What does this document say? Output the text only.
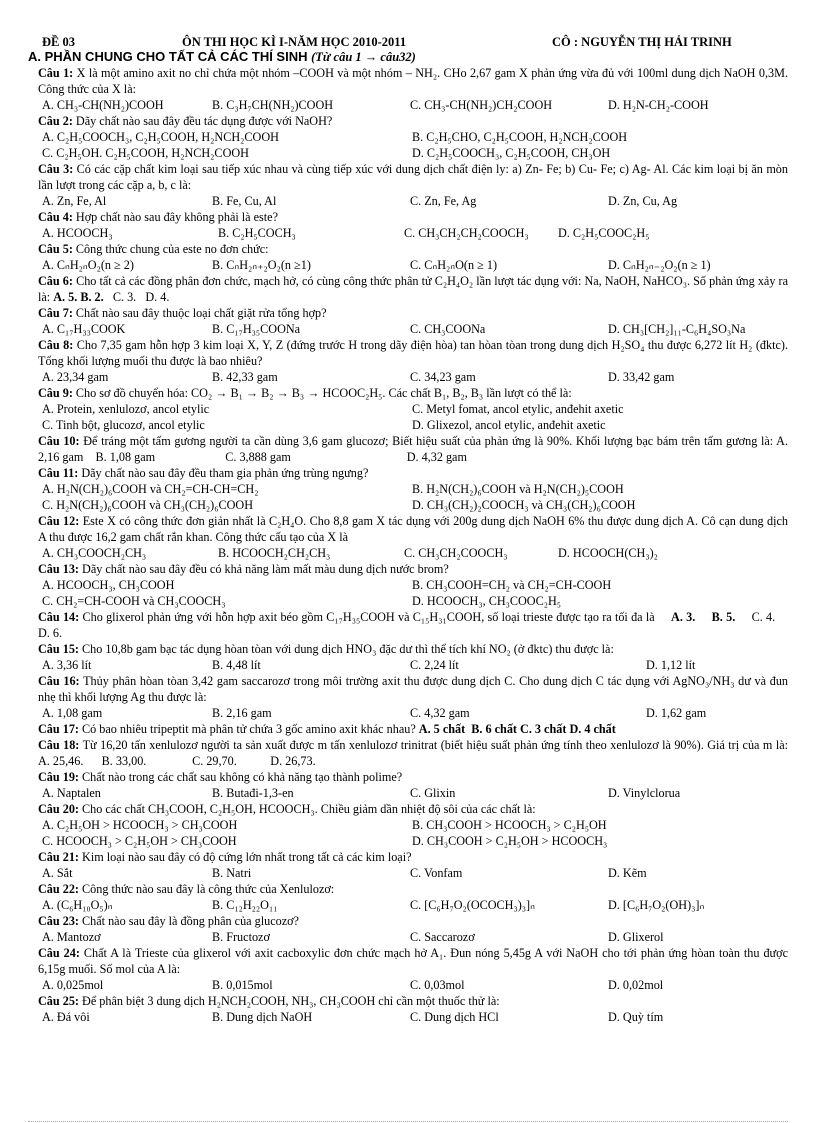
ĐỀ 03	ÔN THI HỌC KÌ I-NĂM HỌC 2010-2011	CÔ : NGUYỄN THỊ HẢI TRINH
A. PHẦN CHUNG CHO TẤT CẢ CÁC THÍ SINH (Từ câu 1 → câu32)
Câu 1: X là một amino axit no chỉ chứa một nhóm –COOH và một nhóm – NH₂. CHo 2,67 gam X phản ứng vừa đủ với 100ml dung dịch NaOH 0,3M. Công thức của X là:
A. CH₃-CH(NH₂)COOH	B. C₃H₇CH(NH₂)COOH	C. CH₃-CH(NH₂)CH₂COOH	D. H₂N-CH₂-COOH
Câu 2: Dãy chất nào sau đây đều tác dụng được với NaOH?
A. C₂H₅COOCH₃, C₂H₅COOH, H₂NCH₂COOH	B. C₂H₅CHO, C₂H₅COOH, H₂NCH₂COOH
C. C₂H₅OH. C₂H₅COOH, H₂NCH₂COOH	D. C₂H₅COOCH₃, C₂H₅COOH, CH₃OH
Câu 3: Có các cặp chất kim loại sau tiếp xúc nhau và cùng tiếp xúc với dung dịch chất điện ly: a) Zn- Fe; b) Cu- Fe; c) Ag- Al. Các kim loại bị ăn mòn lần lượt trong các cặp a, b, c là:
A. Zn, Fe, Al	B. Fe, Cu, Al	C. Zn, Fe, Ag	D. Zn, Cu, Ag
Câu 4: Hợp chất nào sau đây không phải là este?
A. HCOOCH₃	B. C₂H₅COCH₃	C. CH₃CH₂CH₂COOCH₃	D. C₂H₅COOC₂H₅
Câu 5: Công thức chung của este no đơn chức:
A. CₙH₂ₙO₂(n ≥ 2)	B. CₙH₂ₙ₊₂O₂(n ≥1)	C. CₙH₂ₙO(n ≥ 1)	D. CₙH₂ₙ₋₂O₂(n ≥ 1)
Câu 6: Cho tất cả các đồng phân đơn chức, mạch hở, có cùng công thức phân tử C₂H₄O₂ lần lượt tác dụng với: Na, NaOH, NaHCO₃. Số phản ứng xảy ra là: A. 5. B. 2. C. 3. D. 4.
Câu 7: Chất nào sau đây thuộc loại chất giặt rửa tổng hợp?
A. C₁₇H₃₃COOK	B. C₁₇H₃₅COONa	C. CH₃COONa	D. CH₃[CH₂]₁₁-C₆H₄SO₃Na
Câu 8: Cho 7,35 gam hỗn hợp 3 kim loại X, Y, Z (đứng trước H trong dãy điện hòa) tan hòan tòan trong dung dịch H₂SO₄ thu được 6,272 lít H₂ (đktc). Tổng khối lượng muối thu được là bao nhiêu?
A. 23,34 gam	B. 42,33 gam	C. 34,23 gam	D. 33,42 gam
Câu 9: Cho sơ đồ chuyển hóa: CO₂ → B₁ → B₂ → B₃ → HCOOC₂H₅. Các chất B₁, B₂, B₃ lần lượt có thể là:
A. Protein, xenlulozơ, ancol etylic	C. Metyl fomat, ancol etylic, anđehit axetic
C. Tinh bột, glucozơ, ancol etylic	D. Glixezol, ancol etylic, anđehit axetic
Câu 10: Để tráng một tấm gương người ta cần dùng 3,6 gam glucozơ; Biết hiệu suất của phản ứng là 90%. Khối lượng bạc bám trên tấm gương là: A. 2,16 gam B. 1,08 gam	C. 3,888 gam	D. 4,32 gam
Câu 11: Dãy chất nào sau đây đều tham gia phản ứng trùng ngưng?
A. H₂N(CH₂)₆COOH và CH₂=CH-CH=CH₂	B. H₂N(CH₂)₆COOH và H₂N(CH₂)₅COOH
C. H₂N(CH₂)₆COOH và CH₃(CH₂)₆COOH	D. CH₃(CH₂)₂COOCH₃ và CH₃(CH₂)₆COOH
Câu 12: Este X có công thức đơn giản nhất là C₂H₄O. Cho 8,8 gam X tác dụng với 200g dung dịch NaOH 6% thu được dung dịch A. Cô cạn dung dịch A thu được 16,2 gam chất rắn khan. Công thức cấu tạo của X là
A. CH₃COOCH₂CH₃	B. HCOOCH₂CH₂CH₃	C. CH₃CH₂COOCH₃	D. HCOOCH(CH₃)₂
Câu 13: Dãy chất nào sau đây đều có khả năng làm mất màu dung dịch nước brom?
A. HCOOCH₃, CH₃COOH	B. CH₃COOH=CH₂ và CH₂=CH-COOH
C. CH₂=CH-COOH và CH₃COOCH₃	D. HCOOCH₃, CH₃COOC₂H₅
Câu 14: Cho glixerol phản ứng với hỗn hợp axit béo gồm C₁₇H₃₅COOH và C₁₅H₃₁COOH, số loại trieste được tạo ra tối đa là A. 3. B. 5. C. 4.     D. 6.
Câu 15: Cho 10,8b gam bạc tác dụng hòan tòan với dung dịch HNO₃ đặc dư thì thể tích khí NO₂ (ở đktc) thu được là:
A. 3,36 lít	B. 4,48 lít	C. 2,24 lít	D. 1,12 lít
Câu 16: Thủy phân hòan tòan 3,42 gam saccarozơ trong môi trường axit thu được dung dịch C. Cho dung dịch C tác dụng với AgNO₃/NH₃ dư và đun nhẹ thì khối lượng Ag thu được là:
A. 1,08 gam	B. 2,16 gam	C. 4,32 gam	D. 1,62 gam
Câu 17: Có bao nhiêu tripeptit mà phân tử chứa 3 gốc amino axit khác nhau? A. 5 chất B. 6 chất C. 3 chất D. 4 chất
Câu 18: Từ 16,20 tấn xenlulozơ người ta sản xuất được m tấn xenlulozơ trinitrat (biết hiệu suất phản ứng tính theo xenlulozơ là 90%). Giá trị của m là: A. 25,46. B. 33,00.	C. 29,70.	D. 26,73.
Câu 19: Chất nào trong các chất sau không có khả năng tạo thành polime?
A. Naptalen	B. Butađi-1,3-en	C. Glixin	D. Vinylclorua
Câu 20: Cho các chất CH₃COOH, C₂H₅OH, HCOOCH₃. Chiều giảm dần nhiệt độ sôi của các chất là:
A. C₂H₅OH > HCOOCH₃ > CH₃COOH	B. CH₃COOH > HCOOCH₃ > C₂H₅OH
C. HCOOCH₃ > C₂H₅OH > CH₃COOH	D. CH₃COOH > C₂H₅OH > HCOOCH₃
Câu 21: Kim loại nào sau đây có độ cứng lớn nhất trong tất cả các kim loại?
A. Sắt	B. Natri	C. Vonfam	D. Kẽm
Câu 22: Công thức nào sau đây là công thức của Xenlulozơ:
A. (C₆H₁₀O₅)ₙ	B. C₁₂H₂₂O₁₁	C. [C₆H₇O₂(OCOCH₃)₃]ₙ	D. [C₆H₇O₂(OH)₃]ₙ
Câu 23: Chất nào sau đây là đồng phân của glucozơ?
A. Mantozơ	B. Fructozơ	C. Saccarozơ	D. Glixerol
Câu 24: Chất A là Trieste của glixerol với axit cacboxylic đơn chức mạch hở A₁. Đun nóng 5,45g A với NaOH cho tới phản ứng hòan toàn thu được 6,15g muối. Số mol của A là:
A. 0,025mol	B. 0,015mol	C. 0,03mol	D. 0,02mol
Câu 25: Để phân biệt 3 dung dịch H₂NCH₂COOH, NH₃, CH₃COOH chỉ cần một thuốc thử là:
A. Đá vôi	B. Dung dịch NaOH	C. Dung dịch HCl	D. Quỳ tím
